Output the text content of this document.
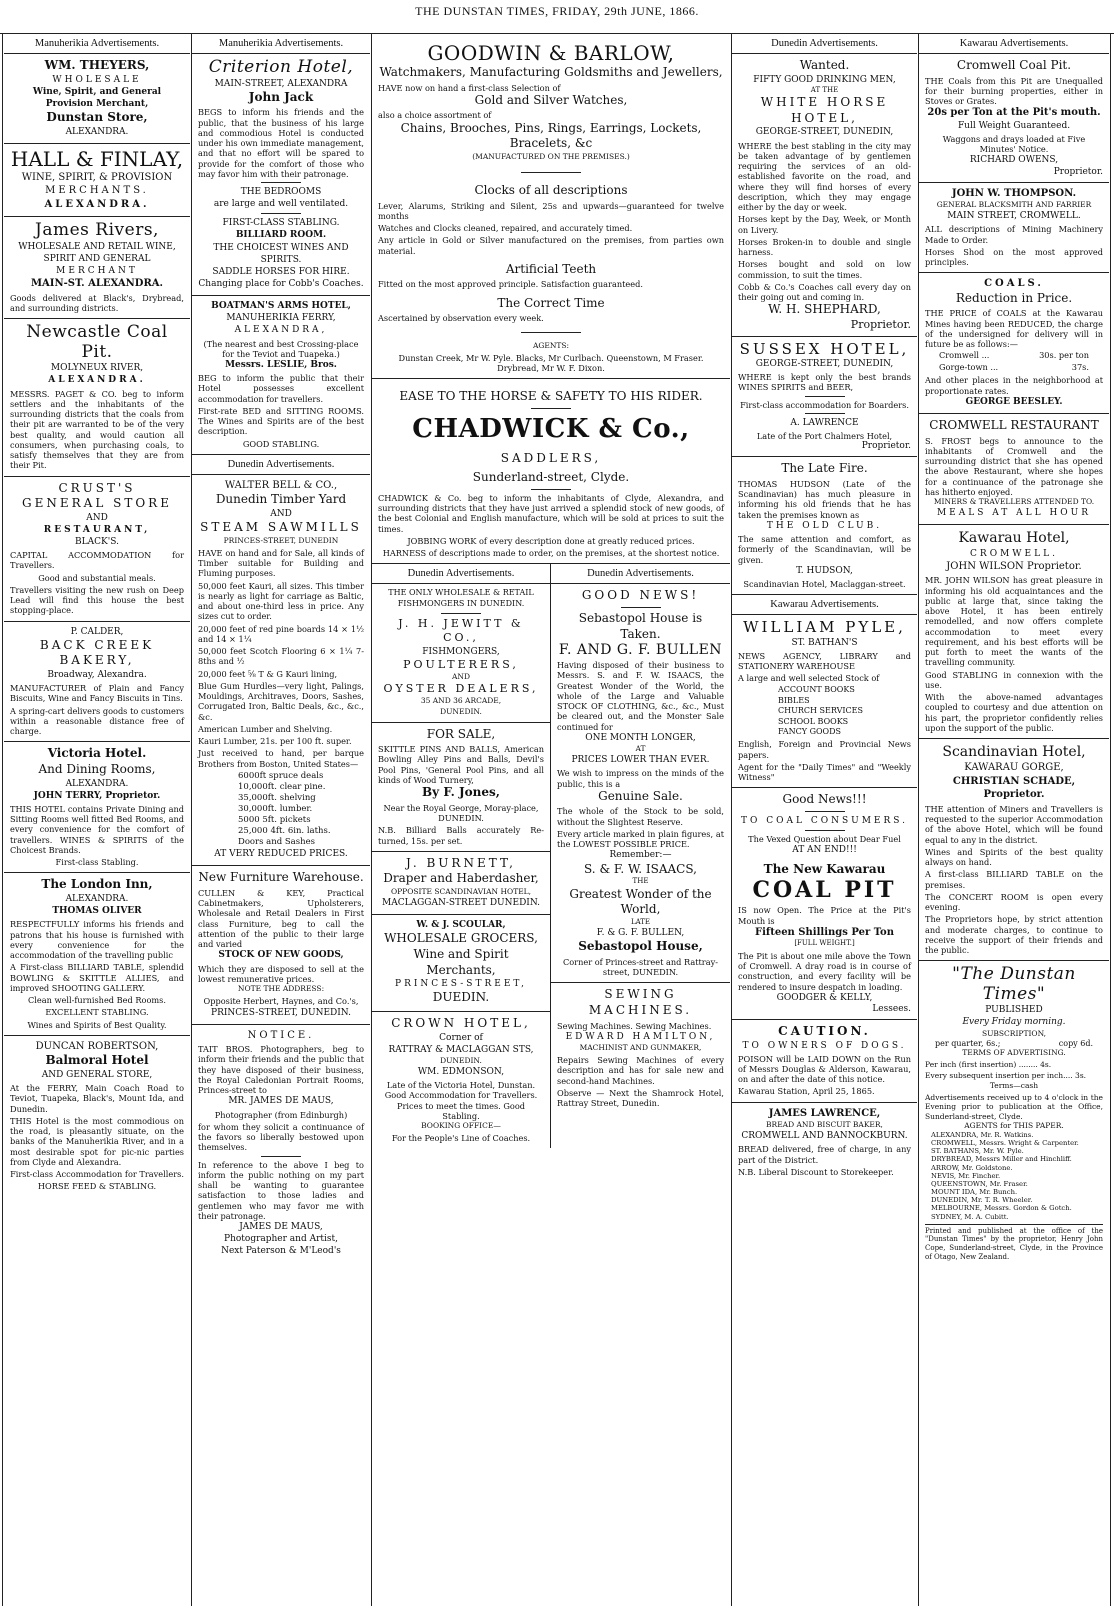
THE DUNSTAN TIMES, FRIDAY, 29th JUNE, 1866.
Manuherikia Advertisements.
WM. THEYERS,
WHOLESALE
Wine, Spirit, and General
Provision Merchant,
Dunstan Store,
ALEXANDRA.
HALL & FINLAY,
WINE, SPIRIT, & PROVISION
MERCHANTS.
ALEXANDRA.
James Rivers,
WHOLESALE AND RETAIL WINE,
SPIRIT AND GENERAL
MERCHANT
MAIN-ST. ALEXANDRA.

Goods delivered at Black's, Drybread, and surrounding districts.

Newcastle Coal Pit.
MOLYNEUX RIVER,
ALEXANDRA.

MESSRS. PAGET & CO. beg to inform settlers and the inhabitants of the surrounding districts that the coals from their pit are warranted to be of the very best quality, and would caution all consumers, when purchasing coals, to satisfy themselves that they are from their Pit.

CRUST'S
GENERAL STORE
AND
RESTAURANT,
BLACK'S.

CAPITAL ACCOMMODATION for Travellers.

Good and substantial meals.

Travellers visiting the new rush on Deep Lead will find this house the best stopping-place.

P. CALDER,
BACK CREEK BAKERY,
Broadway, Alexandra.

MANUFACTURER of Plain and Fancy Biscuits, Wine and Fancy Biscuits in Tins.

A spring-cart delivers goods to customers within a reasonable distance free of charge.

Victoria Hotel.
And Dining Rooms,
ALEXANDRA.
JOHN TERRY, Proprietor.

THIS HOTEL contains Private Dining and Sitting Rooms well fitted Bed Rooms, and every convenience for the comfort of travellers. WINES & SPIRITS of the Choicest Brands.

First-class Stabling.

The London Inn,
ALEXANDRA.
THOMAS OLIVER

RESPECTFULLY informs his friends and patrons that his house is furnished with every convenience for the accommodation of the travelling public

A First-class BILLIARD TABLE, splendid BOWLING & SKITTLE ALLIES, and improved SHOOTING GALLERY.

Clean well-furnished Bed Rooms.

EXCELLENT STABLING.

Wines and Spirits of Best Quality.

DUNCAN ROBERTSON,
Balmoral Hotel
AND GENERAL STORE,

At the FERRY, Main Coach Road to Teviot, Tuapeka, Black's, Mount Ida, and Dunedin.

THIS Hotel is the most commodious on the road, is pleasantly situate, on the banks of the Manuherikia River, and in a most desirable spot for pic-nic parties from Clyde and Alexandra.

First-class Accommodation for Travellers.

HORSE FEED & STABLING.

Manuherikia Advertisements.
Criterion Hotel,
MAIN-STREET, ALEXANDRA
John Jack

BEGS to inform his friends and the public, that the business of his large and commodious Hotel is conducted under his own immediate management, and that no effort will be spared to provide for the comfort of those who may favor him with their patronage.

THE BEDROOMS
are large and well ventilated.
FIRST-CLASS STABLING.
BILLIARD ROOM.
THE CHOICEST WINES AND SPIRITS.
SADDLE HORSES FOR HIRE.
Changing place for Cobb's Coaches.
BOATMAN'S ARMS HOTEL,
MANUHERIKIA FERRY,
ALEXANDRA,

(The nearest and best Crossing-place for the Teviot and Tuapeka.)

Messrs. LESLIE, Bros.

BEG to inform the public that their Hotel possesses excellent accommodation for travellers.

First-rate BED and SITTING ROOMS. The Wines and Spirits are of the best description.

GOOD STABLING.

Dunedin Advertisements.
WALTER BELL & CO.,
Dunedin Timber Yard
AND
STEAM SAWMILLS
PRINCES-STREET, DUNEDIN

HAVE on hand and for Sale, all kinds of Timber suitable for Building and Fluming purposes.

50,000 feet Kauri, all sizes. This timber is nearly as light for carriage as Baltic, and about one-third less in price. Any sizes cut to order.

20,000 feet of red pine boards 14 × 1½ and 14 × 1¼

50,000 feet Scotch Flooring 6 × 1¼ 7-8ths and ½

20,000 feet ⅝ T & G Kauri lining,

Blue Gum Hurdles—very light, Palings, Mouldings, Architraves, Doors, Sashes, Corrugated Iron, Baltic Deals, &c., &c., &c.

American Lumber and Shelving.

Kauri Lumber, 21s. per 100 ft. super.

Just received to hand, per barque Brothers from Boston, United States—

6000ft spruce deals
10,000ft. clear pine.
35,000ft. shelving
30,000ft. lumber.
5000 5ft. pickets
25,000 4ft. 6in. laths.
Doors and Sashes
AT VERY REDUCED PRICES.
New Furniture Warehouse.

CULLEN & KEY, Practical Cabinetmakers, Upholsterers, Wholesale and Retail Dealers in First class Furniture, beg to call the attention of the public to their large and varied

STOCK OF NEW GOODS,

Which they are disposed to sell at the lowest remunerative prices.

NOTE THE ADDRESS:

Opposite Herbert, Haynes, and Co.'s,

PRINCES-STREET, DUNEDIN.
NOTICE.

TAIT BROS. Photographers, beg to inform their friends and the public that they have disposed of their business, the Royal Caledonian Portrait Rooms, Princes-street to

MR. JAMES DE MAUS,

Photographer (from Edinburgh)

for whom they solicit a continuance of the favors so liberally bestowed upon themselves.

In reference to the above I beg to inform the public nothing on my part shall be wanting to guarantee satisfaction to those ladies and gentlemen who may favor me with their patronage.

JAMES DE MAUS,
Photographer and Artist,
Next Paterson & M'Leod's
GOODWIN & BARLOW,
Watchmakers, Manufacturing Goldsmiths and Jewellers,

HAVE now on hand a first-class Selection of

Gold and Silver Watches,

also a choice assortment of

Chains, Brooches, Pins, Rings, Earrings, Lockets, Bracelets, &c
(MANUFACTURED ON THE PREMISES.)
Clocks of all descriptions

Lever, Alarums, Striking and Silent, 25s and upwards—guaranteed for twelve months

Watches and Clocks cleaned, repaired, and accurately timed.

Any article in Gold or Silver manufactured on the premises, from parties own material.

Artificial Teeth

Fitted on the most approved principle. Satisfaction guaranteed.

The Correct Time

Ascertained by observation every week.

AGENTS:

Dunstan Creek, Mr W. Pyle. Blacks, Mr Curlbach. Queenstown, M Fraser. Drybread, Mr W. F. Dixon.

EASE TO THE HORSE & SAFETY TO HIS RIDER.
CHADWICK & Co.,
SADDLERS,
Sunderland-street, Clyde.

CHADWICK & Co. beg to inform the inhabitants of Clyde, Alexandra, and surrounding districts that they have just arrived a splendid stock of new goods, of the best Colonial and English manufacture, which will be sold at prices to suit the times.

JOBBING WORK of every description done at greatly reduced prices.

HARNESS of descriptions made to order, on the premises, at the shortest notice.

Dunedin Advertisements.
THE ONLY WHOLESALE & RETAIL FISHMONGERS IN DUNEDIN.
J. H. JEWITT & CO.,
FISHMONGERS,
POULTERERS,
AND
OYSTER DEALERS,
35 AND 36 ARCADE,
DUNEDIN.
FOR SALE,

SKITTLE PINS AND BALLS, American Bowling Alley Pins and Balls, Devil's Pool Pins, 'General Pool Pins, and all kinds of Wood Turnery,

By F. Jones,

Near the Royal George, Moray-place, DUNEDIN.

N.B. Billiard Balls accurately Re-turned, 15s. per set.

J. BURNETT,
Draper and Haberdasher,
OPPOSITE SCANDINAVIAN HOTEL,
MACLAGGAN-STREET DUNEDIN.
W. & J. SCOULAR,
WHOLESALE GROCERS,
Wine and Spirit Merchants,
PRINCES-STREET,
DUEDIN.
CROWN HOTEL,
Corner of
RATTRAY & MACLAGGAN STS,
DUNEDIN.
WM. EDMONSON,

Late of the Victoria Hotel, Dunstan. Good Accommodation for Travellers. Prices to meet the times. Good Stabling.

BOOKING OFFICE—

For the People's Line of Coaches.

Dunedin Advertisements.
GOOD NEWS!
Sebastopol House is Taken.
F. AND G. F. BULLEN

Having disposed of their business to Messrs. S. and F. W. ISAACS, the Greatest Wonder of the World, the whole of the Large and Valuable STOCK OF CLOTHING, &c., &c., Must be cleared out, and the Monster Sale continued for

ONE MONTH LONGER,
AT
PRICES LOWER THAN EVER.

We wish to impress on the minds of the public, this is a

Genuine Sale.

The whole of the Stock to be sold, without the Slightest Reserve.

Every article marked in plain figures, at the LOWEST POSSIBLE PRICE.

Remember:—
S. & F. W. ISAACS,
THE
Greatest Wonder of the World,
LATE
F. & G. F. BULLEN,
Sebastopol House,

Corner of Princes-street and Rattray-street, DUNEDIN.

SEWING MACHINES.

Sewing Machines. Sewing Machines.

EDWARD HAMILTON,
MACHINIST AND GUNMAKER,

Repairs Sewing Machines of every description and has for sale new and second-hand Machines.

Observe — Next the Shamrock Hotel, Rattray Street, Dunedin.

Dunedin Advertisements.
Wanted.
FIFTY GOOD DRINKING MEN,
AT THE
WHITE HORSE HOTEL,
GEORGE-STREET, DUNEDIN,

WHERE the best stabling in the city may be taken advantage of by gentlemen requiring the services of an old-established favorite on the road, and where they will find horses of every description, which they may engage either by the day or week.

Horses kept by the Day, Week, or Month on Livery.

Horses Broken-in to double and single harness.

Horses bought and sold on low commission, to suit the times.

Cobb & Co.'s Coaches call every day on their going out and coming in.

W. H. SHEPHARD,
Proprietor.
SUSSEX HOTEL,
GEORGE-STREET, DUNEDIN,

WHERE is kept only the best brands WINES SPIRITS and BEER,

First-class accommodation for Boarders.

A. LAWRENCE

Late of the Port Chalmers Hotel,

Proprietor.
The Late Fire.

THOMAS HUDSON (Late of the Scandinavian) has much pleasure in informing his old friends that he has taken the premises known as

THE OLD CLUB.

The same attention and comfort, as formerly of the Scandinavian, will be given.

T. HUDSON,

Scandinavian Hotel, Maclaggan-street.

Kawarau Advertisements.
WILLIAM PYLE,
ST. BATHAN'S

NEWS AGENCY, LIBRARY and STATIONERY WAREHOUSE

A large and well selected Stock of

ACCOUNT BOOKS
BIBLES
CHURCH SERVICES
SCHOOL BOOKS
FANCY GOODS

English, Foreign and Provincial News papers.

Agent for the "Daily Times" and "Weekly Witness"

Good News!!!
TO COAL CONSUMERS.

The Vexed Question about Dear Fuel

AT AN END!!!
The New Kawarau
COAL PIT

IS now Open. The Price at the Pit's Mouth is

Fifteen Shillings Per Ton
[FULL WEIGHT.]

The Pit is about one mile above the Town of Cromwell. A dray road is in course of construction, and every facility will be rendered to insure despatch in loading.

GOODGER & KELLY,
Lessees.
CAUTION.
TO OWNERS OF DOGS.

POISON will be LAID DOWN on the Run of Messrs Douglas & Alderson, Kawarau, on and after the date of this notice.

Kawarau Station, April 25, 1865.

JAMES LAWRENCE,
BREAD AND BISCUIT BAKER,
CROMWELL AND BANNOCKBURN.

BREAD delivered, free of charge, in any part of the District.

N.B. Liberal Discount to Storekeeper.

Kawarau Advertisements.
Cromwell Coal Pit.

THE Coals from this Pit are Unequalled for their burning properties, either in Stoves or Grates.

20s per Ton at the Pit's mouth.
Full Weight Guaranteed.

Waggons and drays loaded at Five Minutes' Notice.

RICHARD OWENS,
Proprietor.
JOHN W. THOMPSON.
GENERAL BLACKSMITH AND FARRIER
MAIN STREET, CROMWELL.

ALL descriptions of Mining Machinery Made to Order.

Horses Shod on the most approved principles.

COALS.
Reduction in Price.

THE PRICE of COALS at the Kawarau Mines having been REDUCED, the charge of the undersigned for delivery will in future be as follows:—

Cromwell ...	30s. per ton
Gorge-town ...	37s.

And other places in the neighborhood at proportionate rates.

GEORGE BEESLEY.
CROMWELL RESTAURANT

S. FROST begs to announce to the inhabitants of Cromwell and the surrounding district that she has opened the above Restaurant, where she hopes for a continuance of the patronage she has hitherto enjoyed.

MINERS & TRAVELLERS ATTENDED TO.
MEALS AT ALL HOUR
Kawarau Hotel,
CROMWELL.
JOHN WILSON Proprietor.

MR. JOHN WILSON has great pleasure in informing his old acquaintances and the public at large that, since taking the above Hotel, it has been entirely remodelled, and now offers complete accommodation to meet every requirement, and his best efforts will be put forth to meet the wants of the travelling community.

Good STABLING in connexion with the use.

With the above-named advantages coupled to courtesy and due attention on his part, the proprietor confidently relies upon the support of the public.

Scandinavian Hotel,
KAWARAU GORGE,
CHRISTIAN SCHADE,
Proprietor.

THE attention of Miners and Travellers is requested to the superior Accommodation of the above Hotel, which will be found equal to any in the district.

Wines and Spirits of the best quality always on hand.

A first-class BILLIARD TABLE on the premises.

The CONCERT ROOM is open every evening.

The Proprietors hope, by strict attention and moderate charges, to continue to receive the support of their friends and the public.

"The Dunstan Times"
PUBLISHED
Every Friday morning.
SUBSCRIPTION,
per quarter, 6s.;	copy 6d.
TERMS OF ADVERTISING.

Per inch (first insertion) ........ 4s.

Every subsequent insertion per inch.... 3s.

Terms—cash

Advertisements received up to 4 o'clock in the Evening prior to publication at the Office, Sunderland-street, Clyde.

AGENTS for THIS PAPER.
ALEXANDRA, Mr. R. Watkins.
CROMWELL, Messrs. Wright & Carpenter.
ST. BATHANS, Mr. W. Pyle.
DRYBREAD, Messrs Miller and Hinchliff.
ARROW, Mr. Goldstone.
NEVIS, Mr. Fincher.
QUEENSTOWN, Mr. Fraser.
MOUNT IDA, Mr. Bunch.
DUNEDIN, Mr. T. R. Wheeler.
MELBOURNE, Messrs. Gordon & Gotch.
SYDNEY, M. A. Cubitt.

Printed and published at the office of the "Dunstan Times" by the proprietor, Henry John Cope, Sunderland-street, Clyde, in the Province of Otago, New Zealand.
